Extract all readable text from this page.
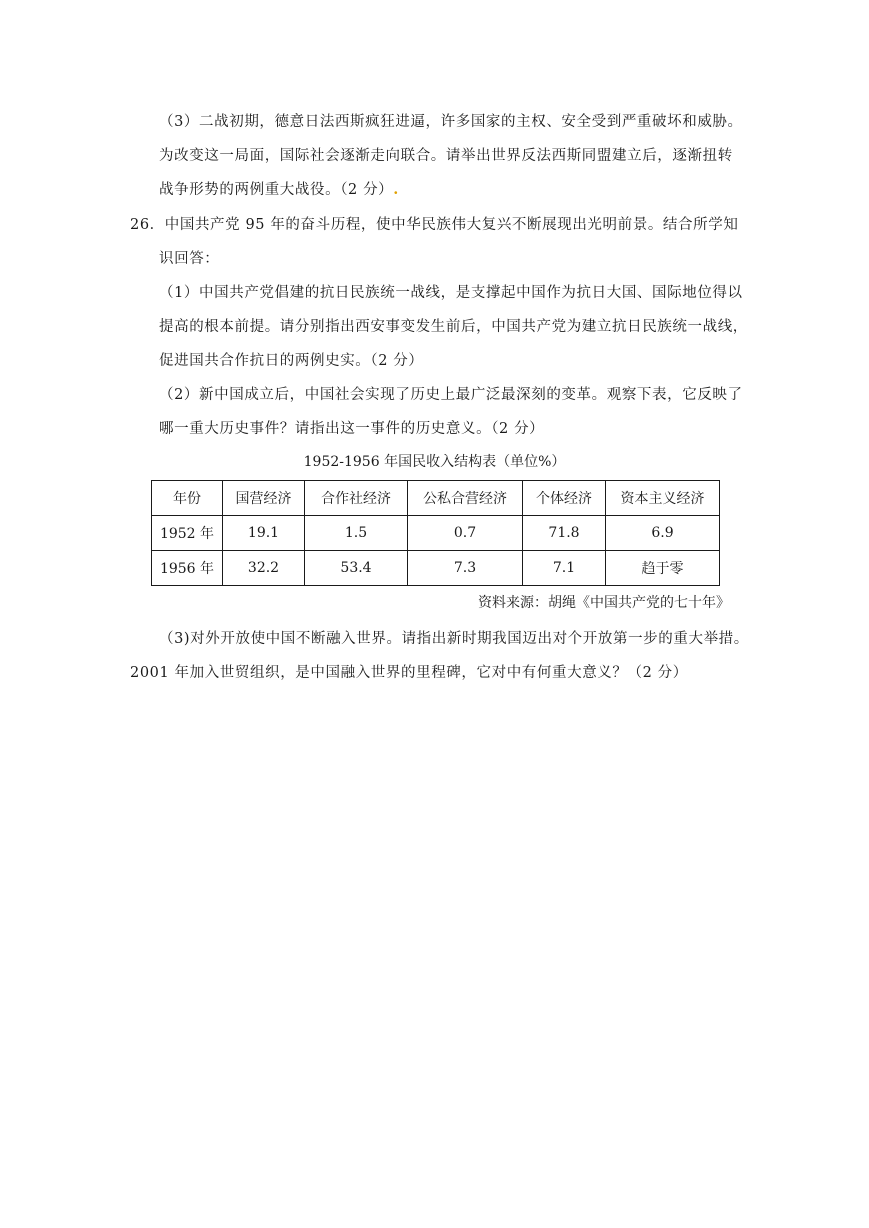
（3）二战初期，德意日法西斯疯狂进逼，许多国家的主权、安全受到严重破坏和威胁。
为改变这一局面，国际社会逐渐走向联合。请举出世界反法西斯同盟建立后，逐渐扭转
战争形势的两例重大战役。（2 分）.
26．中国共产党 95 年的奋斗历程，使中华民族伟大复兴不断展现出光明前景。结合所学知
识回答：
（1）中国共产党倡建的抗日民族统一战线，是支撑起中国作为抗日大国、国际地位得以
提高的根本前提。请分别指出西安事变发生前后，中国共产党为建立抗日民族统一战线，
促进国共合作抗日的两例史实。（2 分）
（2）新中国成立后，中国社会实现了历史上最广泛最深刻的变革。观察下表，它反映了
哪一重大历史事件？请指出这一事件的历史意义。（2 分）
1952-1956 年国民收入结构表（单位%）
年份	国营经济	合作社经济	公私合营经济	个体经济	资本主义经济
1952 年	19.1	1.5	0.7	71.8	6.9
1956 年	32.2	53.4	7.3	7.1	趋于零
资料来源：胡绳《中国共产党的七十年》
（3)对外开放使中国不断融入世界。请指出新时期我国迈出对个开放第一步的重大举措。
2001 年加入世贸组织，是中国融入世界的里程碑，它对中有何重大意义？（2 分）
